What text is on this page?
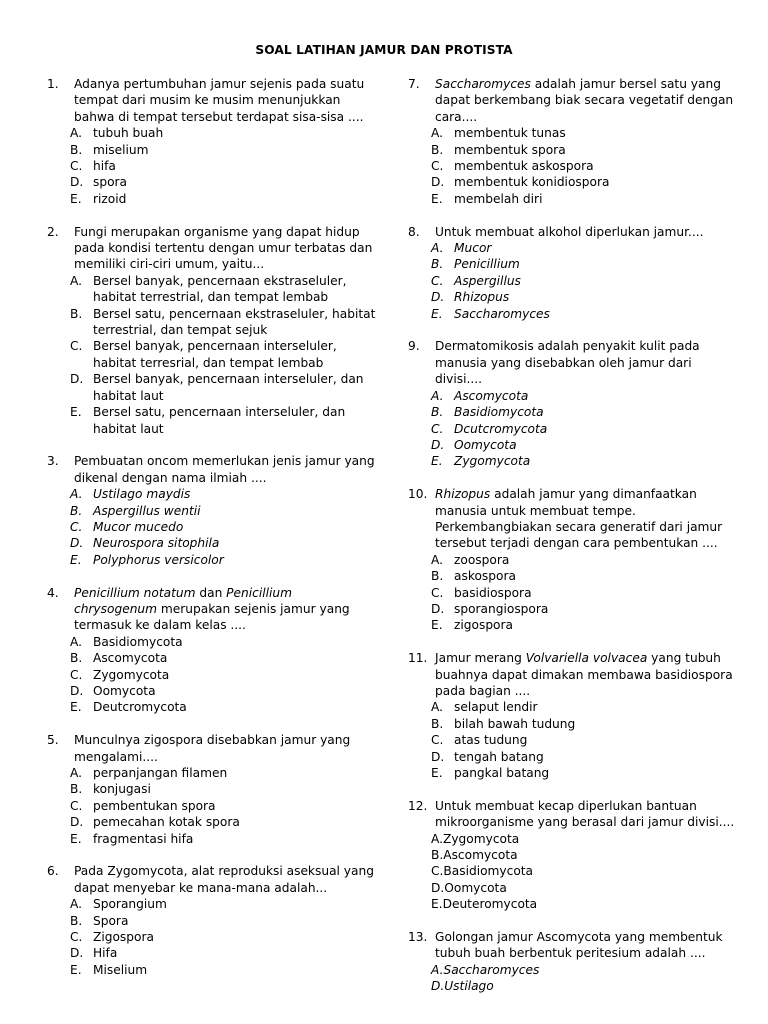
SOAL LATIHAN JAMUR DAN PROTISTA
1.	Adanya pertumbuhan jamur sejenis pada suatu tempat dari musim ke musim menunjukkan bahwa di tempat tersebut terdapat sisa-sisa ....
A. tubuh buah
B. miselium
C. hifa
D. spora
E. rizoid
2.	Fungi merupakan organisme yang dapat hidup pada kondisi tertentu dengan umur terbatas dan memiliki ciri-ciri umum, yaitu...
A. Bersel banyak, pencernaan ekstraseluler, habitat terrestrial, dan tempat lembab
B. Bersel satu, pencernaan ekstraseluler, habitat terrestrial, dan tempat sejuk
C. Bersel banyak, pencernaan interseluler, habitat terresrial, dan tempat lembab
D. Bersel banyak, pencernaan interseluler, dan habitat laut
E. Bersel satu, pencernaan interseluler, dan habitat laut
3.	Pembuatan oncom memerlukan jenis jamur yang dikenal dengan nama ilmiah ....
A. Ustilago maydis
B. Aspergillus wentii
C. Mucor mucedo
D. Neurospora sitophila
E. Polyphorus versicolor
4.	Penicillium notatum dan Penicillium chrysogenum merupakan sejenis jamur yang termasuk ke dalam kelas ....
A. Basidiomycota
B. Ascomycota
C. Zygomycota
D. Oomycota
E. Deutcromycota
5.	Munculnya zigospora disebabkan jamur yang mengalami....
A. perpanjangan filamen
B. konjugasi
C. pembentukan spora
D. pemecahan kotak spora
E. fragmentasi hifa
6.	Pada Zygomycota, alat reproduksi aseksual yang dapat menyebar ke mana-mana adalah...
A. Sporangium
B. Spora
C. Zigospora
D. Hifa
E. Miselium
7.	Saccharomyces adalah jamur bersel satu yang dapat berkembang biak secara vegetatif dengan cara....
A. membentuk tunas
B. membentuk spora
C. membentuk askospora
D. membentuk konidiospora
E. membelah diri
8.	Untuk membuat alkohol diperlukan jamur....
A. Mucor
B. Penicillium
C. Aspergillus
D. Rhizopus
E. Saccharomyces
9.	Dermatomikosis adalah penyakit kulit pada manusia yang disebabkan oleh jamur dari divisi....
A. Ascomycota
B. Basidiomycota
C. Dcutcromycota
D. Oomycota
E. Zygomycota
10. Rhizopus adalah jamur yang dimanfaatkan manusia untuk membuat tempe. Perkembangbiakan secara generatif dari jamur tersebut terjadi dengan cara pembentukan ....
A. zoospora
B. askospora
C. basidiospora
D. sporangiospora
E. zigospora
11. Jamur merang Volvariella volvacea yang tubuh buahnya dapat dimakan membawa basidiospora pada bagian ....
A. selaput lendir
B. bilah bawah tudung
C. atas tudung
D. tengah batang
E. pangkal batang
12. Untuk membuat kecap diperlukan bantuan mikroorganisme yang berasal dari jamur divisi....
A. Zygomycota
B. Ascomycota
C. Basidiomycota
D. Oomycota
E. Deuteromycota
13. Golongan jamur Ascomycota yang membentuk tubuh buah berbentuk peritesium adalah ....
A. Saccharomyces
D. Ustilago
